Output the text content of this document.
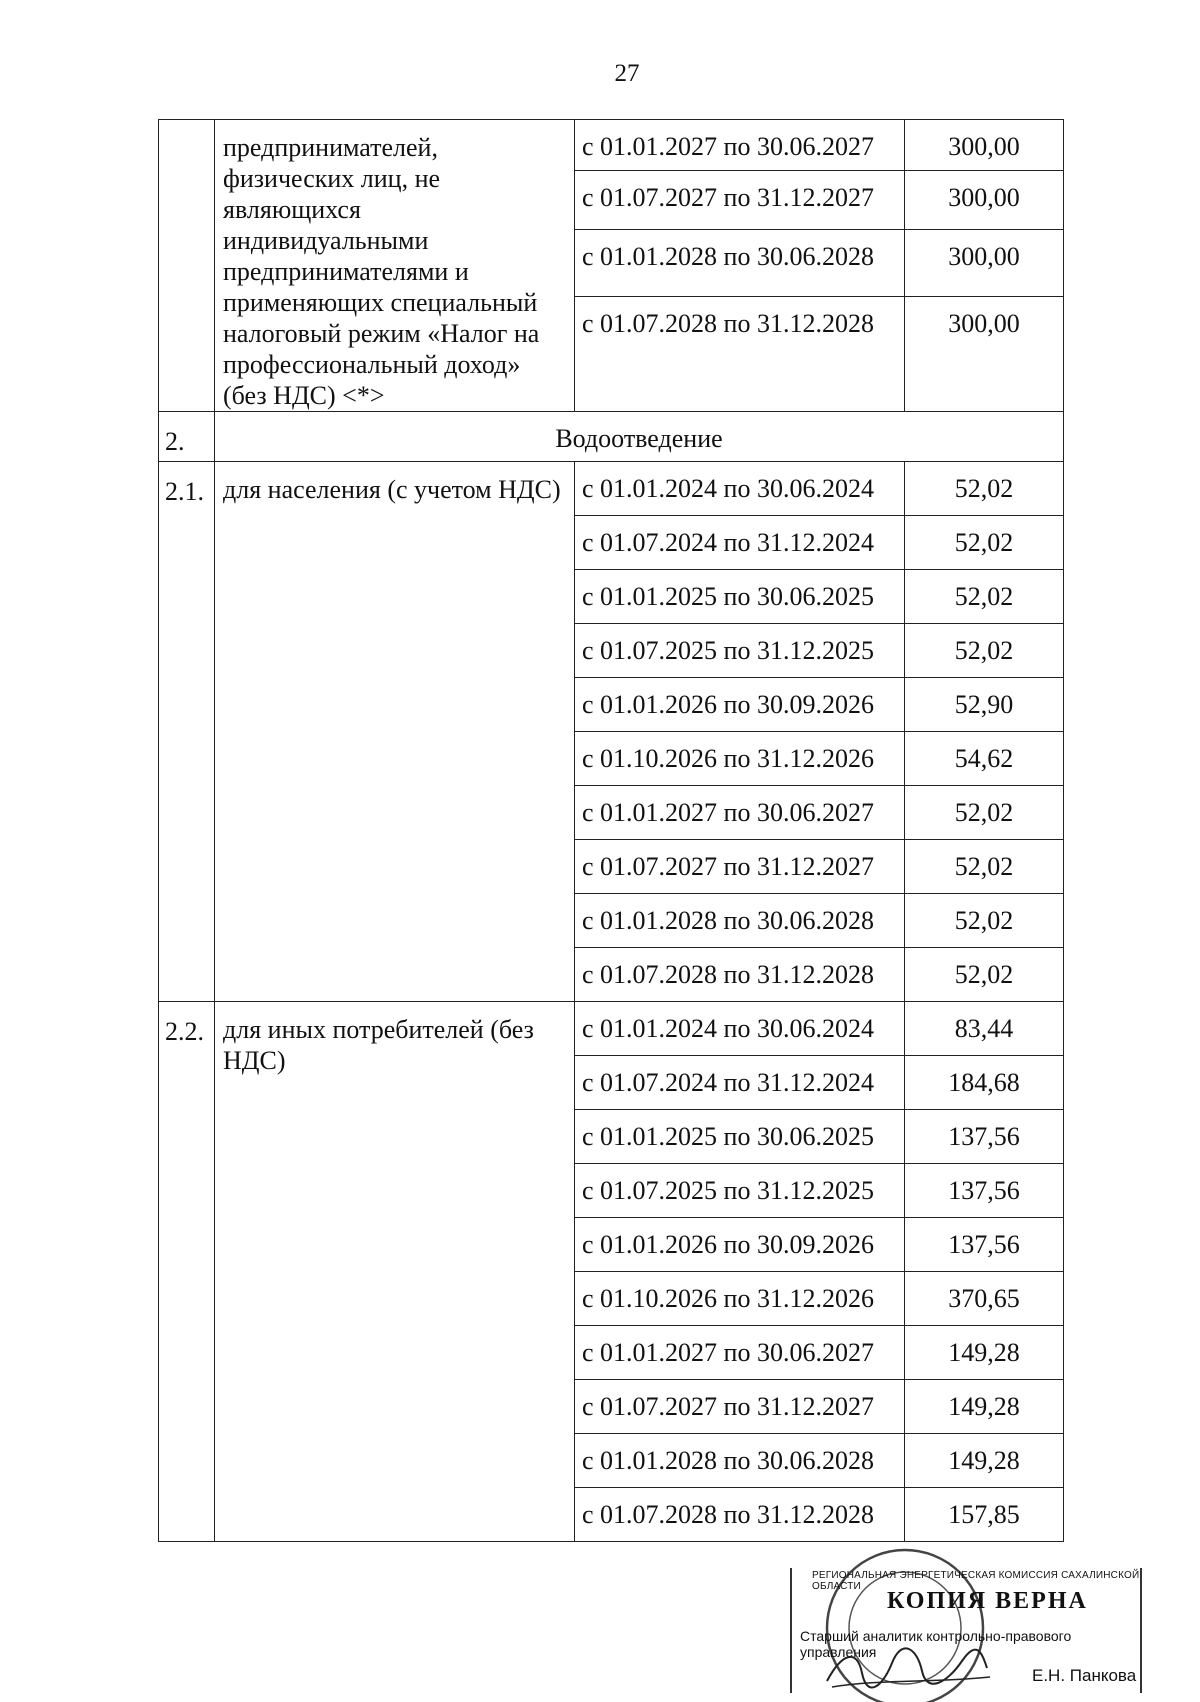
27
	предпринимателей, физических лиц, не являющихся индивидуальными предпринимателями и применяющих специальный налоговый режим «Налог на профессиональный доход» (без НДС) <*>	с 01.01.2027 по 30.06.2027	300,00
		с 01.07.2027 по 31.12.2027	300,00
		с 01.01.2028 по 30.06.2028	300,00
		с 01.07.2028 по 31.12.2028	300,00
2.	Водоотведение		
2.1.	для населения (с учетом НДС)	с 01.01.2024 по 30.06.2024	52,02
		с 01.07.2024 по 31.12.2024	52,02
		с 01.01.2025 по 30.06.2025	52,02
		с 01.07.2025 по 31.12.2025	52,02
		с 01.01.2026 по 30.09.2026	52,90
		с 01.10.2026 по 31.12.2026	54,62
		с 01.01.2027 по 30.06.2027	52,02
		с 01.07.2027 по 31.12.2027	52,02
		с 01.01.2028 по 30.06.2028	52,02
		с 01.07.2028 по 31.12.2028	52,02
2.2.	для иных потребителей (без НДС)	с 01.01.2024 по 30.06.2024	83,44
		с 01.07.2024 по 31.12.2024	184,68
		с 01.01.2025 по 30.06.2025	137,56
		с 01.07.2025 по 31.12.2025	137,56
		с 01.01.2026 по 30.09.2026	137,56
		с 01.10.2026 по 31.12.2026	370,65
		с 01.01.2027 по 30.06.2027	149,28
		с 01.07.2027 по 31.12.2027	149,28
		с 01.01.2028 по 30.06.2028	149,28
		с 01.07.2028 по 31.12.2028	157,85
РЕГИОНАЛЬНАЯ ЭНЕРГЕТИЧЕСКАЯ КОМИССИЯ САХАЛИНСКОЙ ОБЛАСТИ
КОПИЯ ВЕРНА
Старший аналитик контрольно-правового управления
Е.Н. Панкова
